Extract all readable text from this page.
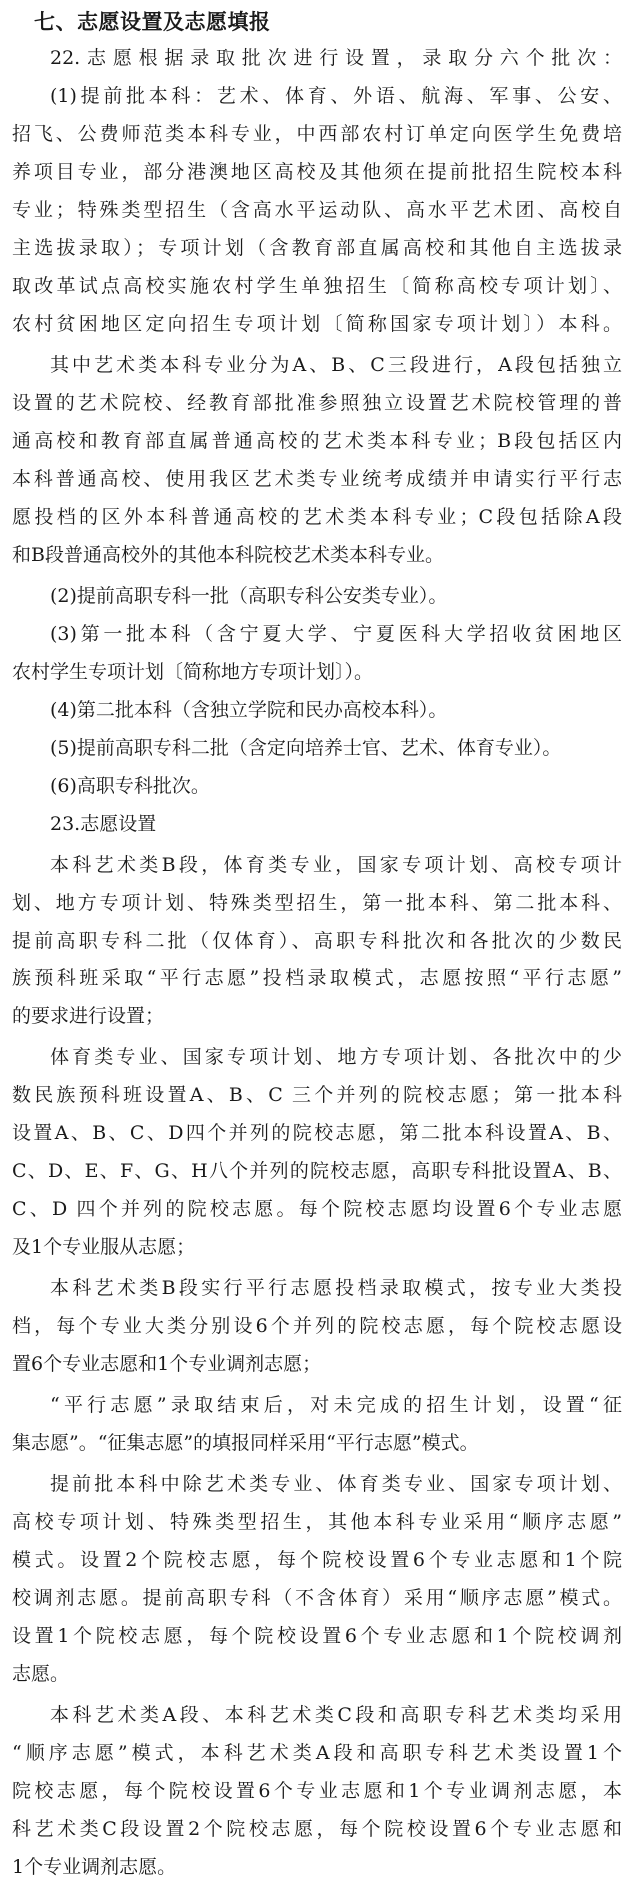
七、志愿设置及志愿填报
22.志愿根据录取批次进行设置，录取分六个批次：
(1)提前批本科：艺术、体育、外语、航海、军事、公安、
招飞、公费师范类本科专业，中西部农村订单定向医学生免费培
养项目专业，部分港澳地区高校及其他须在提前批招生院校本科
专业；特殊类型招生（含高水平运动队、高水平艺术团、高校自
主选拔录取）；专项计划（含教育部直属高校和其他自主选拔录
取改革试点高校实施农村学生单独招生〔简称高校专项计划〕、
农村贫困地区定向招生专项计划〔简称国家专项计划〕）本科。
其中艺术类本科专业分为A、B、C三段进行，A段包括独立
设置的艺术院校、经教育部批准参照独立设置艺术院校管理的普
通高校和教育部直属普通高校的艺术类本科专业；B段包括区内
本科普通高校、使用我区艺术类专业统考成绩并申请实行平行志
愿投档的区外本科普通高校的艺术类本科专业；C段包括除A段
和B段普通高校外的其他本科院校艺术类本科专业。
(2)提前高职专科一批（高职专科公安类专业）。
(3)第一批本科（含宁夏大学、宁夏医科大学招收贫困地区
农村学生专项计划〔简称地方专项计划〕）。
(4)第二批本科（含独立学院和民办高校本科）。
(5)提前高职专科二批（含定向培养士官、艺术、体育专业）。
(6)高职专科批次。
23.志愿设置
本科艺术类B段，体育类专业，国家专项计划、高校专项计
划、地方专项计划、特殊类型招生，第一批本科、第二批本科、
提前高职专科二批（仅体育）、高职专科批次和各批次的少数民
族预科班采取“平行志愿”投档录取模式，志愿按照“平行志愿”
的要求进行设置；
体育类专业、国家专项计划、地方专项计划、各批次中的少
数民族预科班设置A、B、C 三个并列的院校志愿；第一批本科
设置A、B、C、D四个并列的院校志愿，第二批本科设置A、B、
C、D、E、F、G、H八个并列的院校志愿，高职专科批设置A、B、
C、D 四个并列的院校志愿。每个院校志愿均设置6个专业志愿
及1个专业服从志愿；
本科艺术类B段实行平行志愿投档录取模式，按专业大类投
档，每个专业大类分别设6个并列的院校志愿，每个院校志愿设
置6个专业志愿和1个专业调剂志愿；
“平行志愿”录取结束后，对未完成的招生计划，设置“征
集志愿”。“征集志愿”的填报同样采用“平行志愿”模式。
提前批本科中除艺术类专业、体育类专业、国家专项计划、
高校专项计划、特殊类型招生，其他本科专业采用“顺序志愿”
模式。设置2个院校志愿，每个院校设置6个专业志愿和1个院
校调剂志愿。提前高职专科（不含体育）采用“顺序志愿”模式。
设置1个院校志愿，每个院校设置6个专业志愿和1个院校调剂
志愿。
本科艺术类A段、本科艺术类C段和高职专科艺术类均采用
“顺序志愿”模式，本科艺术类A段和高职专科艺术类设置1个
院校志愿，每个院校设置6个专业志愿和1个专业调剂志愿，本
科艺术类C段设置2个院校志愿，每个院校设置6个专业志愿和
1个专业调剂志愿。
